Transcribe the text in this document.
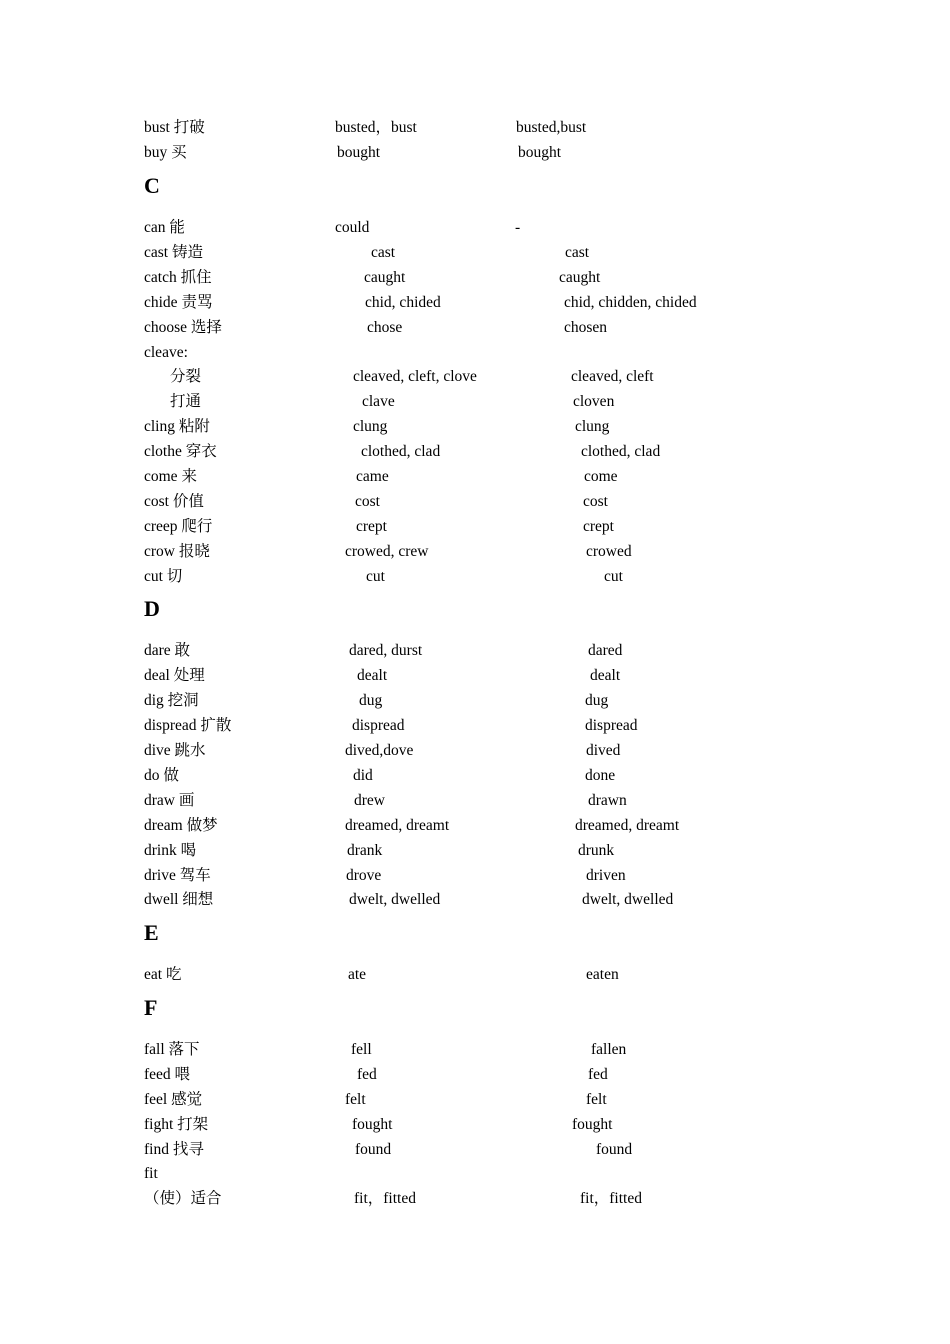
bust 打破	busted，bust	busted,bust
buy 买	bought	bought
C
can 能	could	-
cast 铸造	cast	cast
catch 抓住	caught	caught
chide 责骂	chid, chided	chid, chidden, chided
choose 选择	chose	chosen
cleave:
分裂	cleaved, cleft, clove	cleaved, cleft
打通	clave	cloven
cling 粘附	clung	clung
clothe 穿衣	clothed, clad	clothed, clad
come 来	came	come
cost 价值	cost	cost
creep 爬行	crept	crept
crow 报晓	crowed, crew	crowed
cut 切	cut	cut
D
dare 敢	dared, durst	dared
deal 处理	dealt	dealt
dig 挖洞	dug	dug
dispread 扩散	dispread	dispread
dive 跳水	dived,dove	dived
do 做	did	done
draw 画	drew	drawn
dream 做梦	dreamed, dreamt	dreamed, dreamt
drink 喝	drank	drunk
drive 驾车	drove	driven
dwell 细想	dwelt, dwelled	dwelt, dwelled
E
eat 吃	ate	eaten
F
fall 落下	fell	fallen
feed 喂	fed	fed
feel 感觉	felt	felt
fight 打架	fought	fought
find 找寻	found	found
fit
（使）适合	fit，fitted	fit，fitted
